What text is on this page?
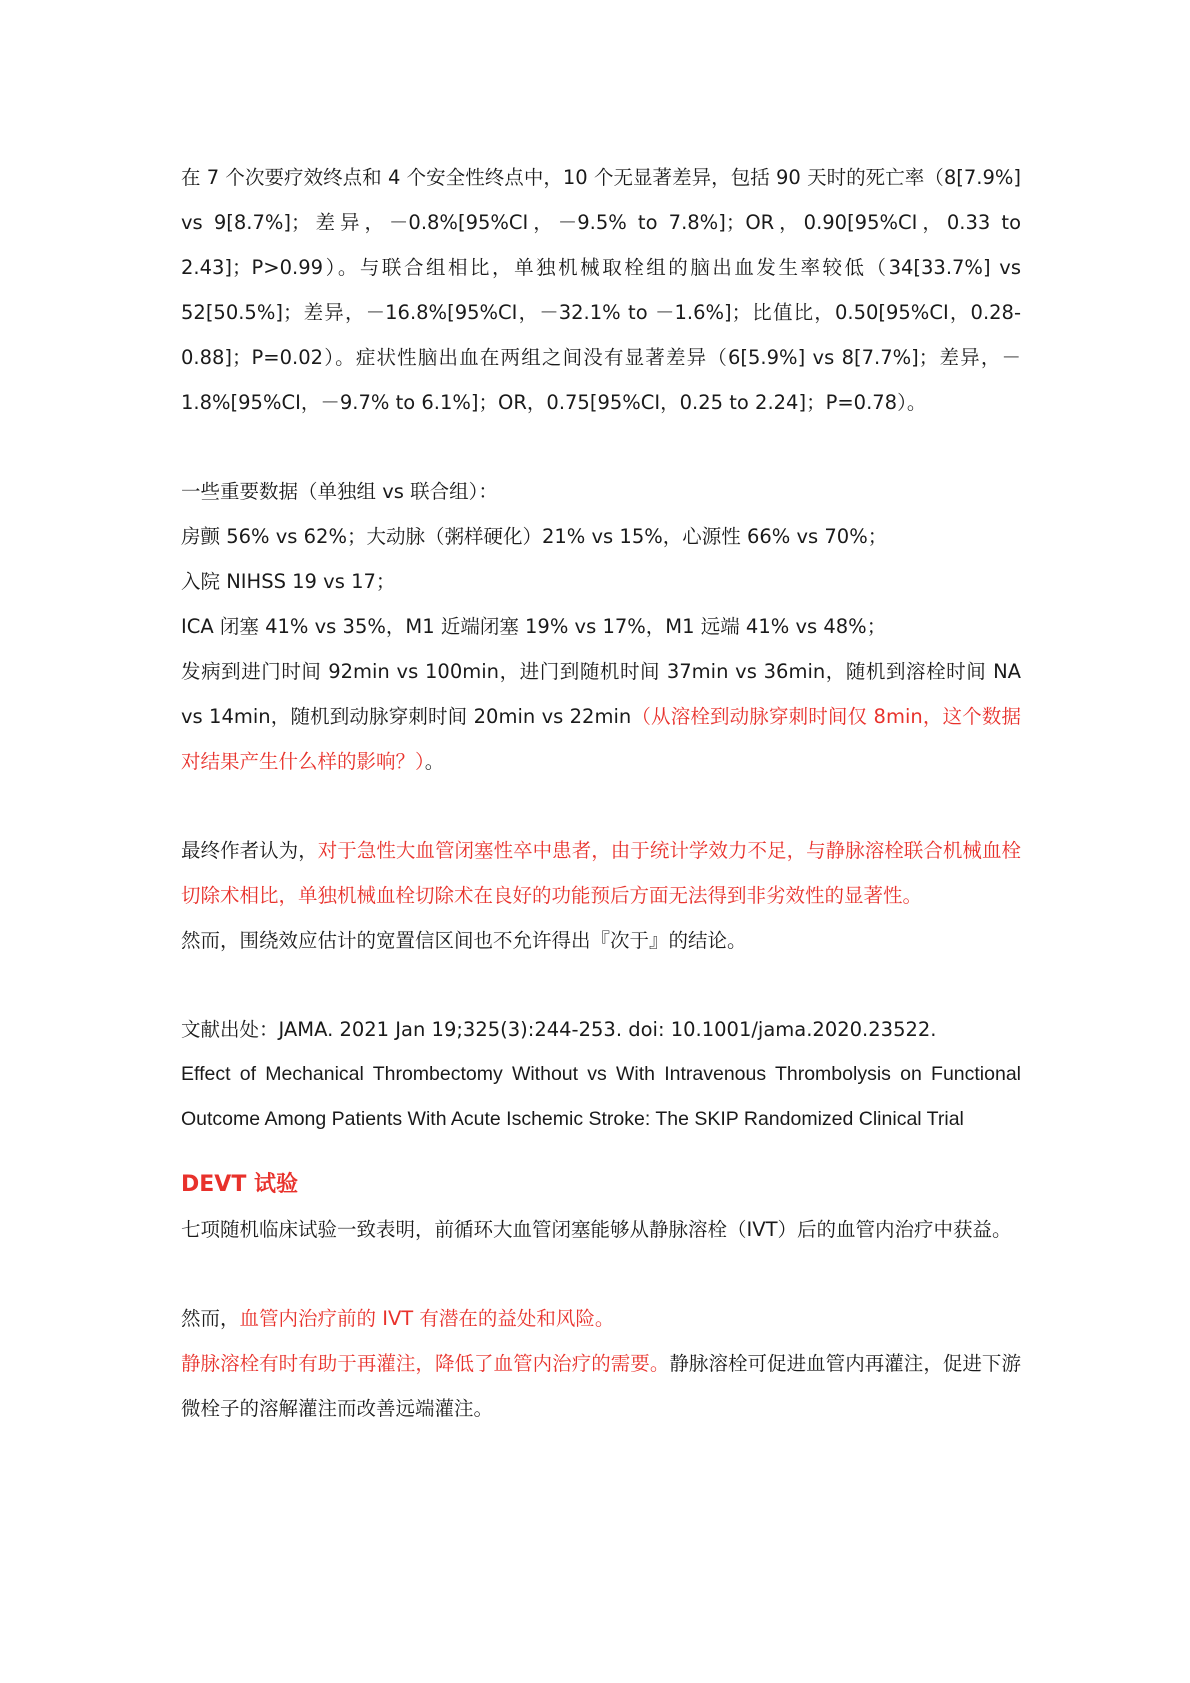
在 7 个次要疗效终点和 4 个安全性终点中，10 个无显著差异，包括 90 天时的死亡率（8[7.9%] vs 9[8.7%]；差异，－0.8%[95%CI，－9.5% to 7.8%]；OR，0.90[95%CI，0.33 to 2.43]；P>0.99）。与联合组相比，单独机械取栓组的脑出血发生率较低（34[33.7%] vs 52[50.5%]；差异，－16.8%[95%CI，－32.1% to －1.6%]；比值比，0.50[95%CI，0.28-0.88]；P=0.02）。症状性脑出血在两组之间没有显著差异（6[5.9%] vs 8[7.7%]；差异，－1.8%[95%CI，－9.7% to 6.1%]；OR，0.75[95%CI，0.25 to 2.24]；P=0.78）。

一些重要数据（单独组 vs 联合组）：
房颤 56% vs 62%；大动脉（粥样硬化）21% vs 15%，心源性 66% vs 70%；
入院 NIHSS 19 vs 17；
ICA 闭塞 41% vs 35%，M1 近端闭塞 19% vs 17%，M1 远端 41% vs 48%；
发病到进门时间 92min vs 100min，进门到随机时间 37min vs 36min，随机到溶栓时间 NA vs 14min，随机到动脉穿刺时间 20min vs 22min（从溶栓到动脉穿刺时间仅 8min，这个数据对结果产生什么样的影响？）。

最终作者认为，对于急性大血管闭塞性卒中患者，由于统计学效力不足，与静脉溶栓联合机械血栓切除术相比，单独机械血栓切除术在良好的功能预后方面无法得到非劣效性的显著性。
然而，围绕效应估计的宽置信区间也不允许得出『次于』的结论。

文献出处：JAMA. 2021 Jan 19;325(3):244-253. doi: 10.1001/jama.2020.23522.

Effect of Mechanical Thrombectomy Without vs With Intravenous Thrombolysis on Functional Outcome Among Patients With Acute Ischemic Stroke: The SKIP Randomized Clinical Trial

DEVT 试验

七项随机临床试验一致表明，前循环大血管闭塞能够从静脉溶栓（IVT）后的血管内治疗中获益。

然而，血管内治疗前的 IVT 有潜在的益处和风险。

静脉溶栓有时有助于再灌注，降低了血管内治疗的需要。静脉溶栓可促进血管内再灌注，促进下游微栓子的溶解灌注而改善远端灌注。
